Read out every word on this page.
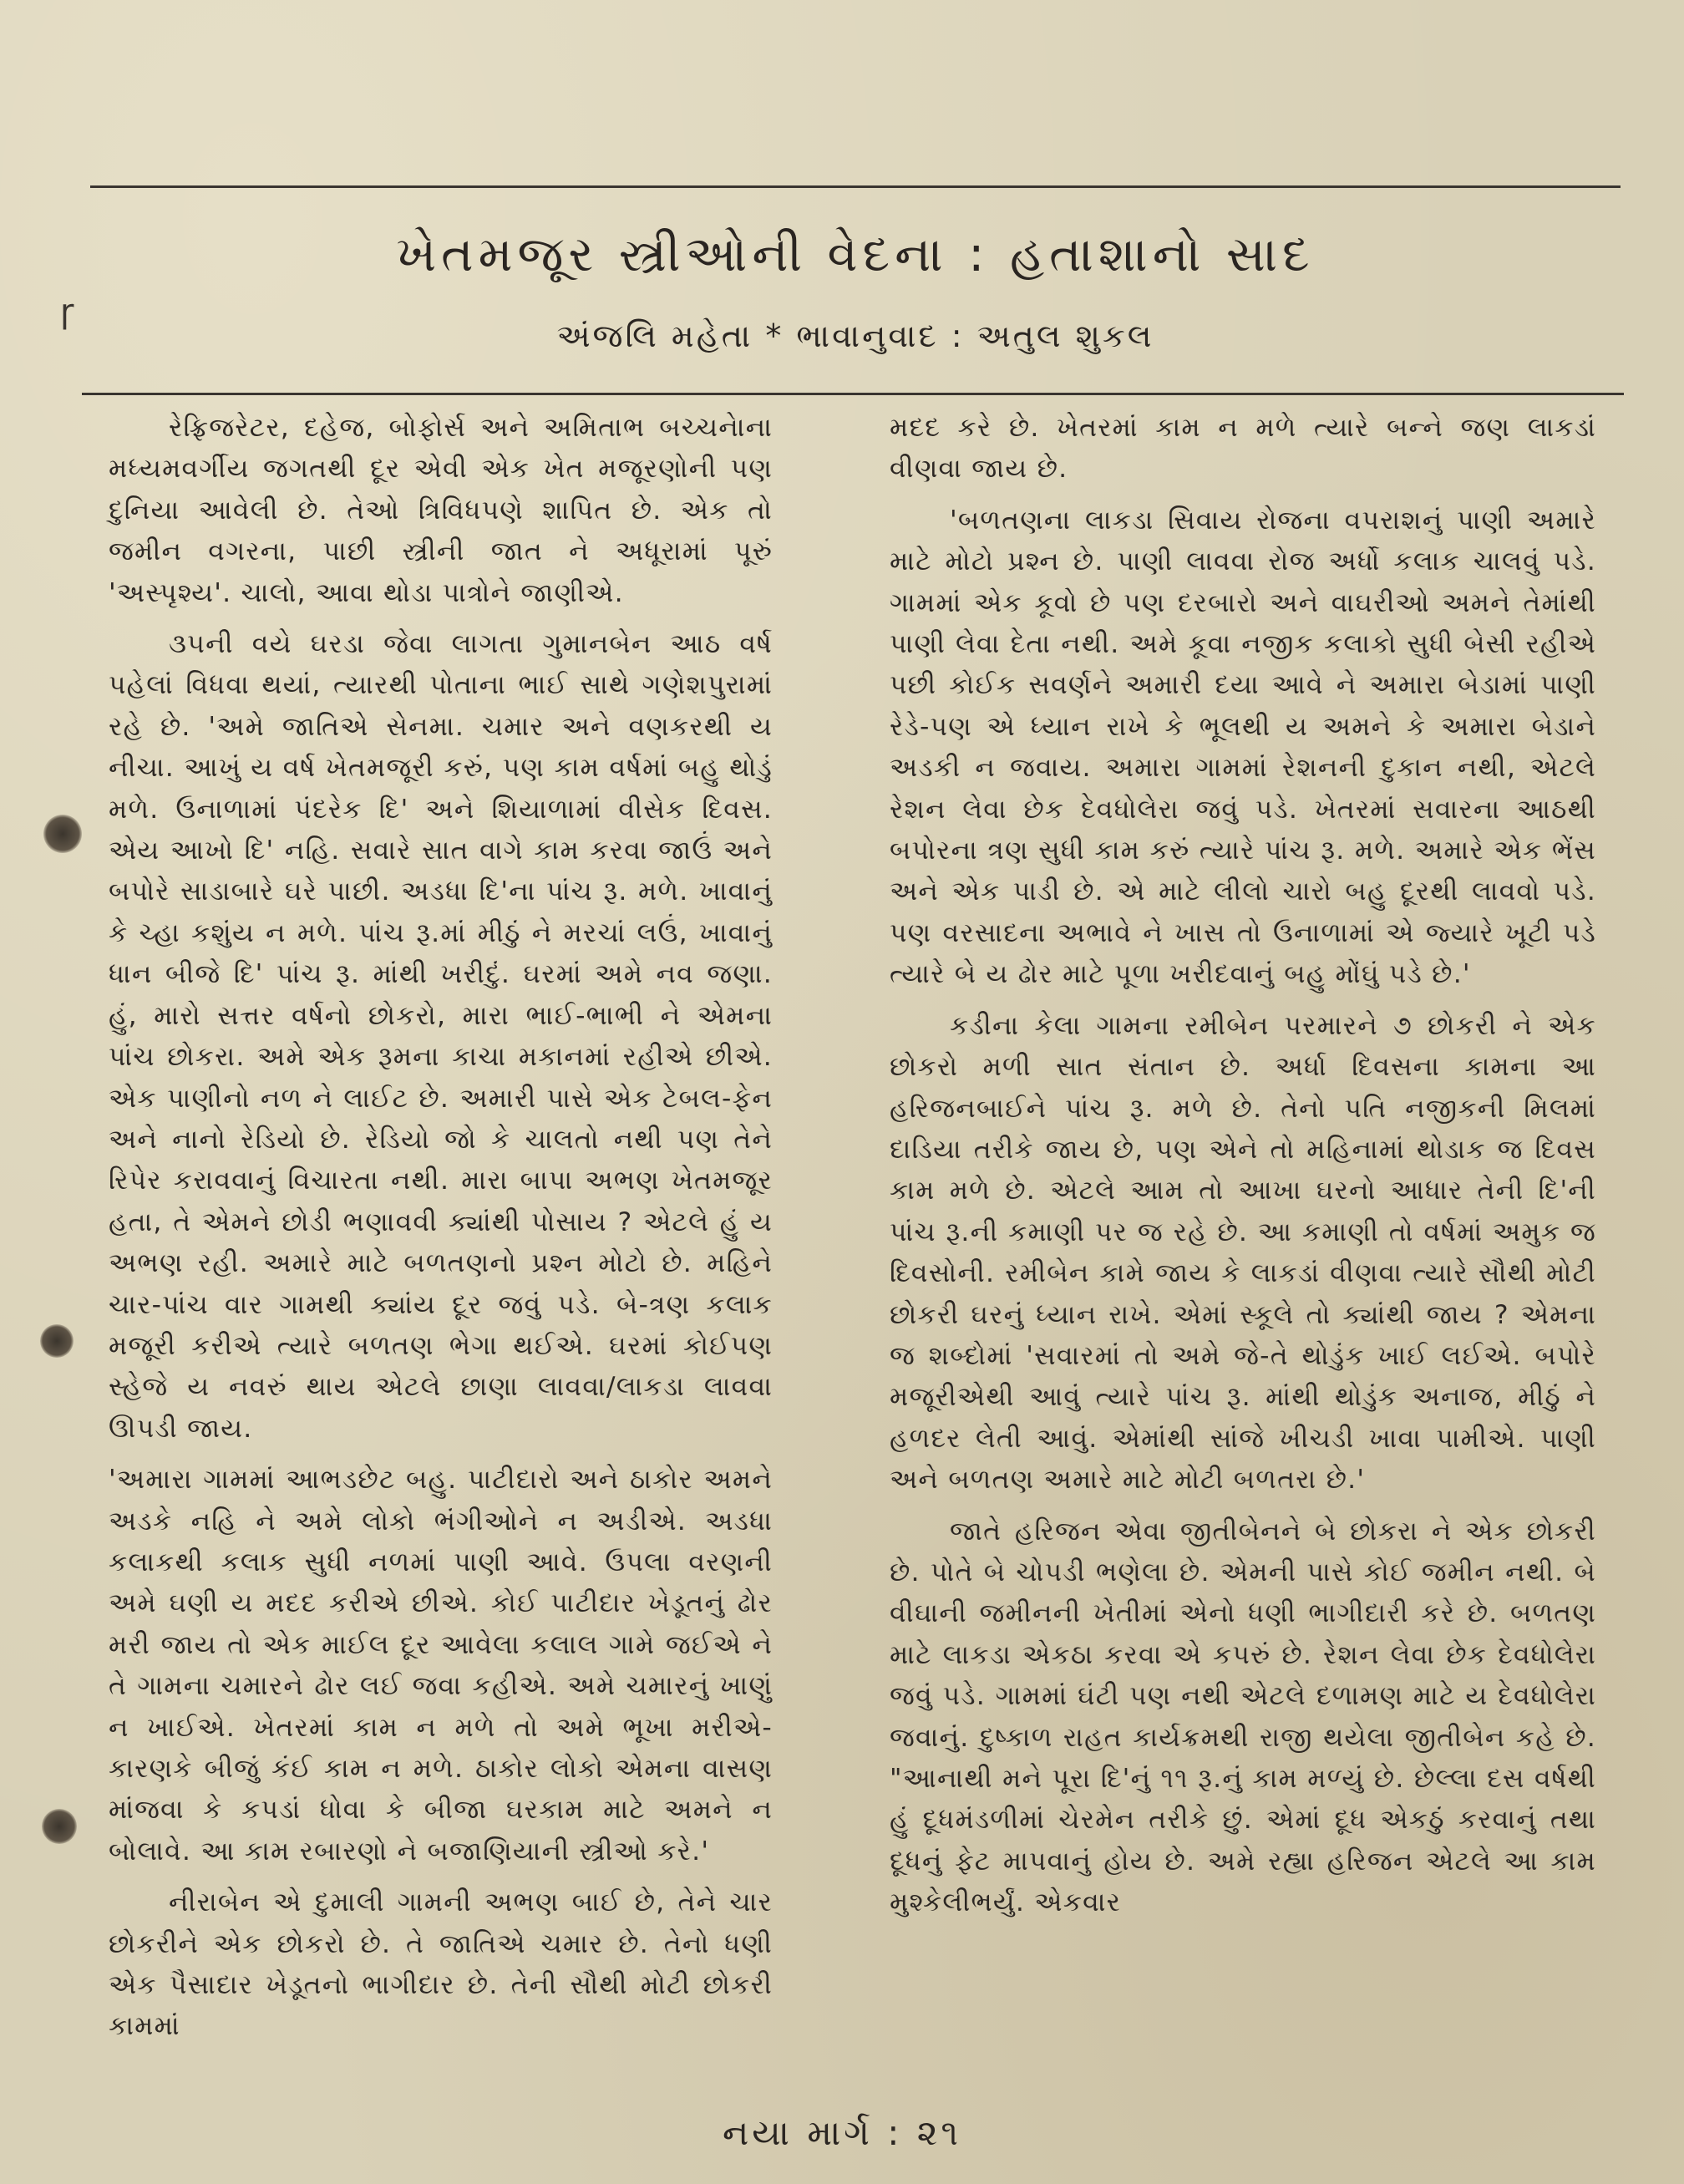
ɼ
ખેતમજૂર સ્ત્રીઓની વેદના : હતાશાનો સાદ
અંજલિ મહેતા * ભાવાનુવાદ : અતુલ શુકલ

રેફ્રિજરેટર, દહેજ, બોફોર્સ અને અમિતાભ બચ્ચનેાના મધ્યમવર્ગીય જગતથી દૂર એવી એક ખેત મજૂરણોની પણ દુનિયા આવેલી છે. તેઓ ત્રિવિધપણે શાપિત છે. એક તો જમીન વગરના, પાછી સ્ત્રીની જાત ને અધૂરામાં પૂરું 'અસ્પૃશ્ય'. ચાલો, આવા થોડા પાત્રોને જાણીએ.

૩૫ની વયે ઘરડા જેવા લાગતા ગુમાનબેન આઠ વર્ષ પહેલાં વિધવા થયાં, ત્યારથી પોતાના ભાઈ સાથે ગણેશપુરામાં રહે છે. 'અમે જાતિએ સેનમા. ચમાર અને વણકરથી ય નીચા. આખું ય વર્ષ ખેતમજૂરી કરું, પણ કામ વર્ષમાં બહુ થોડું મળે. ઉનાળામાં પંદરેક દિ' અને શિયાળામાં વીસેક દિવસ. એય આખો દિ' નહિ. સવારે સાત વાગે કામ કરવા જાઉં અને બપોરે સાડાબારે ઘરે પાછી. અડધા દિ'ના પાંચ રૂ. મળે. ખાવાનું કે ચ્હા કશુંય ન મળે. પાંચ રૂ.માં મીઠું ને મરચાં લઉં, ખાવાનું ધાન બીજે દિ' પાંચ રૂ. માંથી ખરીદું. ઘરમાં અમે નવ જણા. હું, મારો સત્તર વર્ષનો છોકરો, મારા ભાઈ-ભાભી ને એમના પાંચ છોકરા. અમે એક રૂમના કાચા મકાનમાં રહીએ છીએ. એક પાણીનો નળ ને લાઈટ છે. અમારી પાસે એક ટેબલ-ફેન અને નાનો રેડિયો છે. રેડિયો જો કે ચાલતો નથી પણ તેને રિપેર કરાવવાનું વિચારતા નથી. મારા બાપા અભણ ખેતમજૂર હતા, તે એમને છોડી ભણાવવી ક્યાંથી પોસાય ? એટલે હું ય અભણ રહી. અમારે માટે બળતણનો પ્રશ્ન મોટો છે. મહિને ચાર-પાંચ વાર ગામથી ક્યાંય દૂર જવું પડે. બે-ત્રણ કલાક મજૂરી કરીએ ત્યારે બળતણ ભેગા થઈએ. ઘરમાં કોઈપણ સ્હેજે ય નવરું થાય એટલે છાણા લાવવા/લાકડા લાવવા ઊપડી જાય.

'અમારા ગામમાં આભડછેટ બહુ. પાટીદારો અને ઠાકોર અમને અડકે નહિ ને અમે લોકો ભંગીઓને ન અડીએ. અડધા કલાકથી કલાક સુધી નળમાં પાણી આવે. ઉપલા વરણની અમે ઘણી ય મદદ કરીએ છીએ. કોઈ પાટીદાર ખેડૂતનું ઢોર મરી જાય તો એક માઈલ દૂર આવેલા કલાલ ગામે જઈએ ને તે ગામના ચમારને ઢોર લઈ જવા કહીએ. અમે ચમારનું ખાણું ન ખાઈએ. ખેતરમાં કામ ન મળે તો અમે ભૂખા મરીએ-કારણકે બીજું કંઈ કામ ન મળે. ઠાકોર લોકો એમના વાસણ માંજવા કે કપડાં ધોવા કે બીજા ઘરકામ માટે અમને ન બોલાવે. આ કામ રબારણો ને બજાણિયાની સ્ત્રીઓ કરે.'

નીરાબેન એ દુમાલી ગામની અભણ બાઈ છે, તેને ચાર છોકરીને એક છોકરો છે. તે જાતિએ ચમાર છે. તેનો ધણી એક પૈસાદાર ખેડૂતનો ભાગીદાર છે. તેની સૌથી મોટી છોકરી કામમાં

મદદ કરે છે. ખેતરમાં કામ ન મળે ત્યારે બન્ને જણ લાકડાં વીણવા જાય છે.

'બળતણના લાકડા સિવાય રોજના વપરાશનું પાણી અમારે માટે મોટો પ્રશ્ન છે. પાણી લાવવા રોજ અર્ધો કલાક ચાલવું પડે. ગામમાં એક કૂવો છે પણ દરબારો અને વાઘરીઓ અમને તેમાંથી પાણી લેવા દેતા નથી. અમે કૂવા નજીક કલાકો સુધી બેસી રહીએ પછી કોઈક સવર્ણને અમારી દયા આવે ને અમારા બેડામાં પાણી રેડે-પણ એ ધ્યાન રાખે કે ભૂલથી ય અમને કે અમારા બેડાને અડકી ન જવાય. અમારા ગામમાં રેશનની દુકાન નથી, એટલે રેશન લેવા છેક દેવધોલેરા જવું પડે. ખેતરમાં સવારના આઠથી બપોરના ત્રણ સુધી કામ કરું ત્યારે પાંચ રૂ. મળે. અમારે એક ભેંસ અને એક પાડી છે. એ માટે લીલો ચારો બહુ દૂરથી લાવવો પડે. પણ વરસાદના અભાવે ને ખાસ તો ઉનાળામાં એ જ્યારે ખૂટી પડે ત્યારે બે ય ઢોર માટે પૂળા ખરીદવાનું બહુ મોંઘું પડે છે.'

કડીના કેલા ગામના રમીબેન પરમારને ૭ છોકરી ને એક છોકરો મળી સાત સંતાન છે. અર્ધા દિવસના કામના આ હરિજનબાઈને પાંચ રૂ. મળે છે. તેનો પતિ નજીકની મિલમાં દાડિયા તરીકે જાય છે, પણ એને તો મહિનામાં થોડાક જ દિવસ કામ મળે છે. એટલે આમ તો આખા ઘરનો આધાર તેની દિ'ની પાંચ રૂ.ની કમાણી પર જ રહે છે. આ કમાણી તો વર્ષમાં અમુક જ દિવસોની. રમીબેન કામે જાય કે લાકડાં વીણવા ત્યારે સૌથી મોટી છોકરી ઘરનું ધ્યાન રાખે. એમાં સ્કૂલે તો ક્યાંથી જાય ? એમના જ શબ્દોમાં 'સવારમાં તો અમે જે-તે થોડુંક ખાઈ લઈએ. બપોરે મજૂરીએથી આવું ત્યારે પાંચ રૂ. માંથી થોડુંક અનાજ, મીઠું ને હળદર લેતી આવું. એમાંથી સાંજે ખીચડી ખાવા પામીએ. પાણી અને બળતણ અમારે માટે મોટી બળતરા છે.'

જાતે હરિજન એવા જીતીબેનને બે છોકરા ને એક છોકરી છે. પોતે બે ચોપડી ભણેલા છે. એમની પાસે કોઈ જમીન નથી. બે વીઘાની જમીનની ખેતીમાં એનો ધણી ભાગીદારી કરે છે. બળતણ માટે લાકડા એકઠા કરવા એ કપરું છે. રેશન લેવા છેક દેવધોલેરા જવું પડે. ગામમાં ઘંટી પણ નથી એટલે દળામણ માટે ય દેવધોલેરા જવાનું. દુષ્કાળ રાહત કાર્યક્રમથી રાજી થયેલા જીતીબેન કહે છે. "આનાથી મને પૂરા દિ'નું ૧૧ રૂ.નું કામ મળ્યું છે. છેલ્લા દસ વર્ષથી હું દૂધમંડળીમાં ચેરમેન તરીકે છું. એમાં દૂધ એકઠું કરવાનું તથા દૂધનું ફેટ માપવાનું હોય છે. અમે રહ્યા હરિજન એટલે આ કામ મુશ્કેલીભર્યું. એકવાર

નયા માર્ગ : ૨૧
